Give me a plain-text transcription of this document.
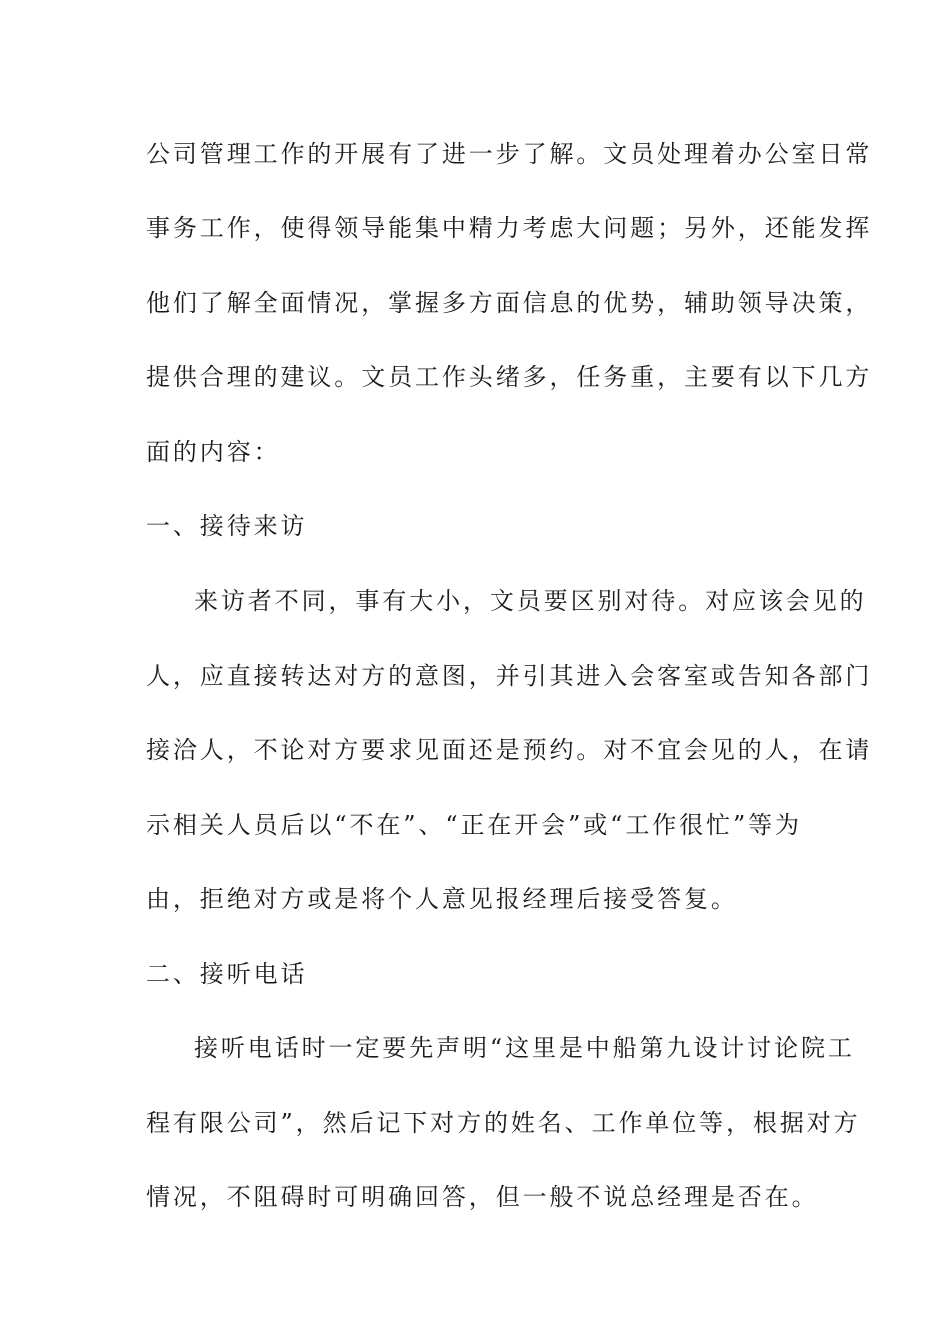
公司管理工作的开展有了进一步了解。文员处理着办公室日常
事务工作，使得领导能集中精力考虑大问题；另外，还能发挥
他们了解全面情况，掌握多方面信息的优势，辅助领导决策，
提供合理的建议。文员工作头绪多，任务重，主要有以下几方
面的内容：
一、接待来访
来访者不同，事有大小，文员要区别对待。对应该会见的
人，应直接转达对方的意图，并引其进入会客室或告知各部门
接洽人，不论对方要求见面还是预约。对不宜会见的人，在请
示相关人员后以“不在”、“正在开会”或“工作很忙”等为
由，拒绝对方或是将个人意见报经理后接受答复。
二、接听电话
接听电话时一定要先声明“这里是中船第九设计讨论院工
程有限公司”，然后记下对方的姓名、工作单位等，根据对方
情况，不阻碍时可明确回答，但一般不说总经理是否在。
